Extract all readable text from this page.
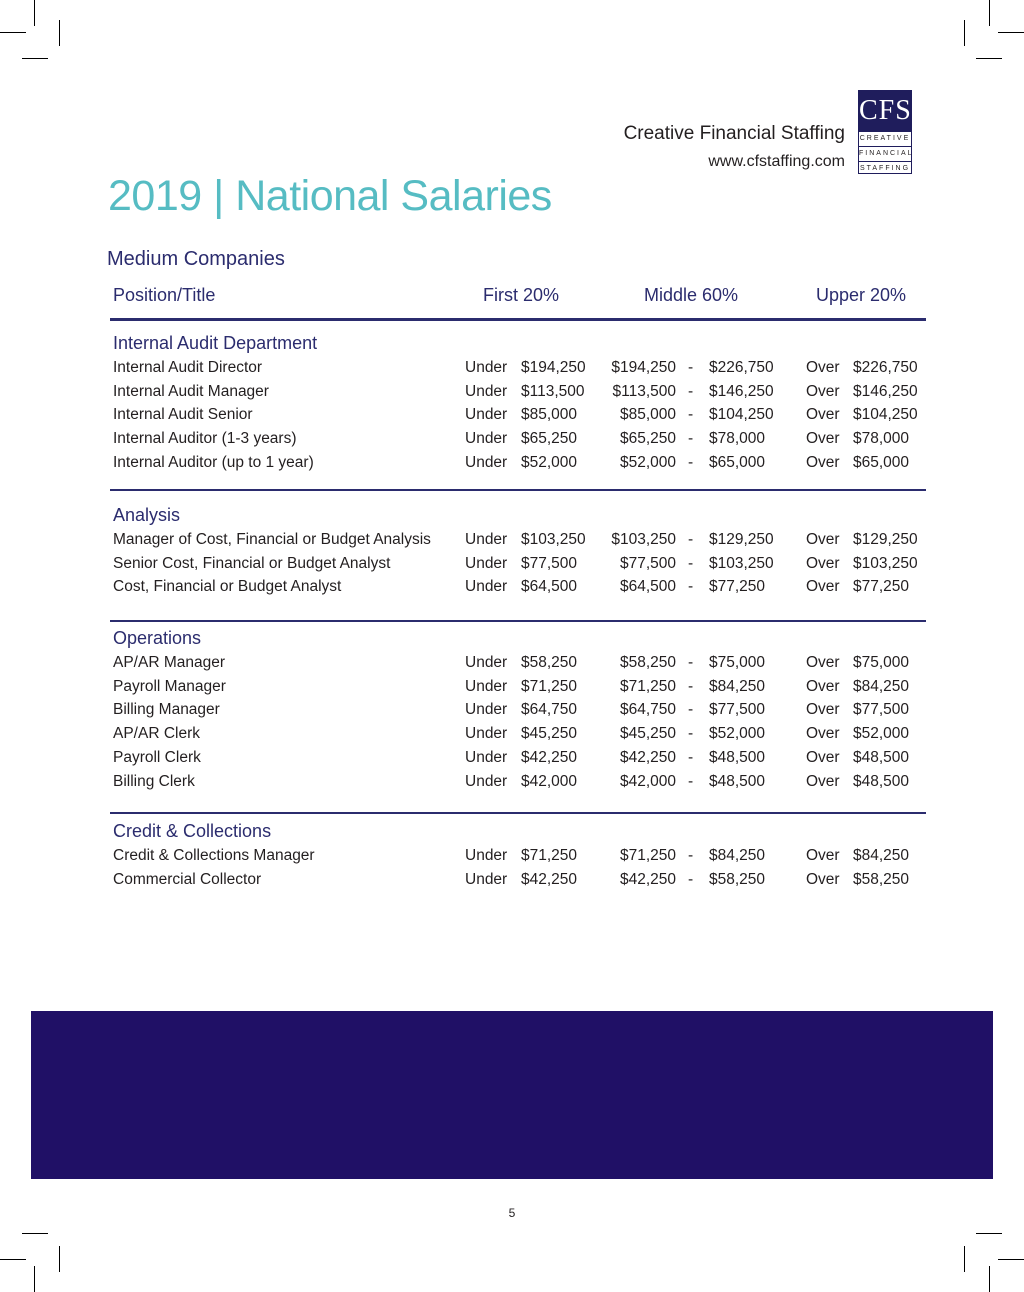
Creative Financial Staffing
www.cfstaffing.com
CFS
CREATIVE
FINANCIAL
STAFFING
2019 | National Salaries
Medium Companies
Position/Title	First 20%	Middle 60%	Upper 20%
Internal Audit Department
Internal Audit Director	Under $194,250 $194,250 - $226,750 Over $226,750
Internal Audit Manager	Under $113,500 $113,500 - $146,250 Over $146,250
Internal Audit Senior	Under $85,000	$85,000 - $104,250 Over $104,250
Internal Auditor (1-3 years)	Under $65,250	$65,250 - $78,000	Over $78,000
Internal Auditor (up to 1 year)	Under $52,000	$52,000 - $65,000	Over $65,000
Analysis
Manager of Cost, Financial or Budget Analysis Under $103,250 $103,250 - $129,250 Over $129,250
Senior Cost, Financial or Budget Analyst	Under $77,500	$77,500 - $103,250 Over $103,250
Cost, Financial or Budget Analyst	Under $64,500	$64,500 - $77,250	Over $77,250
Operations
AP/AR Manager	Under $58,250	$58,250 - $75,000	Over $75,000
Payroll Manager	Under $71,250	$71,250 - $84,250	Over $84,250
Billing Manager	Under $64,750	$64,750 - $77,500	Over $77,500
AP/AR Clerk	Under $45,250	$45,250 - $52,000	Over $52,000
Payroll Clerk	Under $42,250	$42,250 - $48,500	Over $48,500
Billing Clerk	Under $42,000	$42,000 - $48,500	Over $48,500
Credit & Collections
Credit & Collections Manager	Under $71,250	$71,250 - $84,250	Over $84,250
Commercial Collector	Under $42,250	$42,250 - $58,250	Over $58,250
5
